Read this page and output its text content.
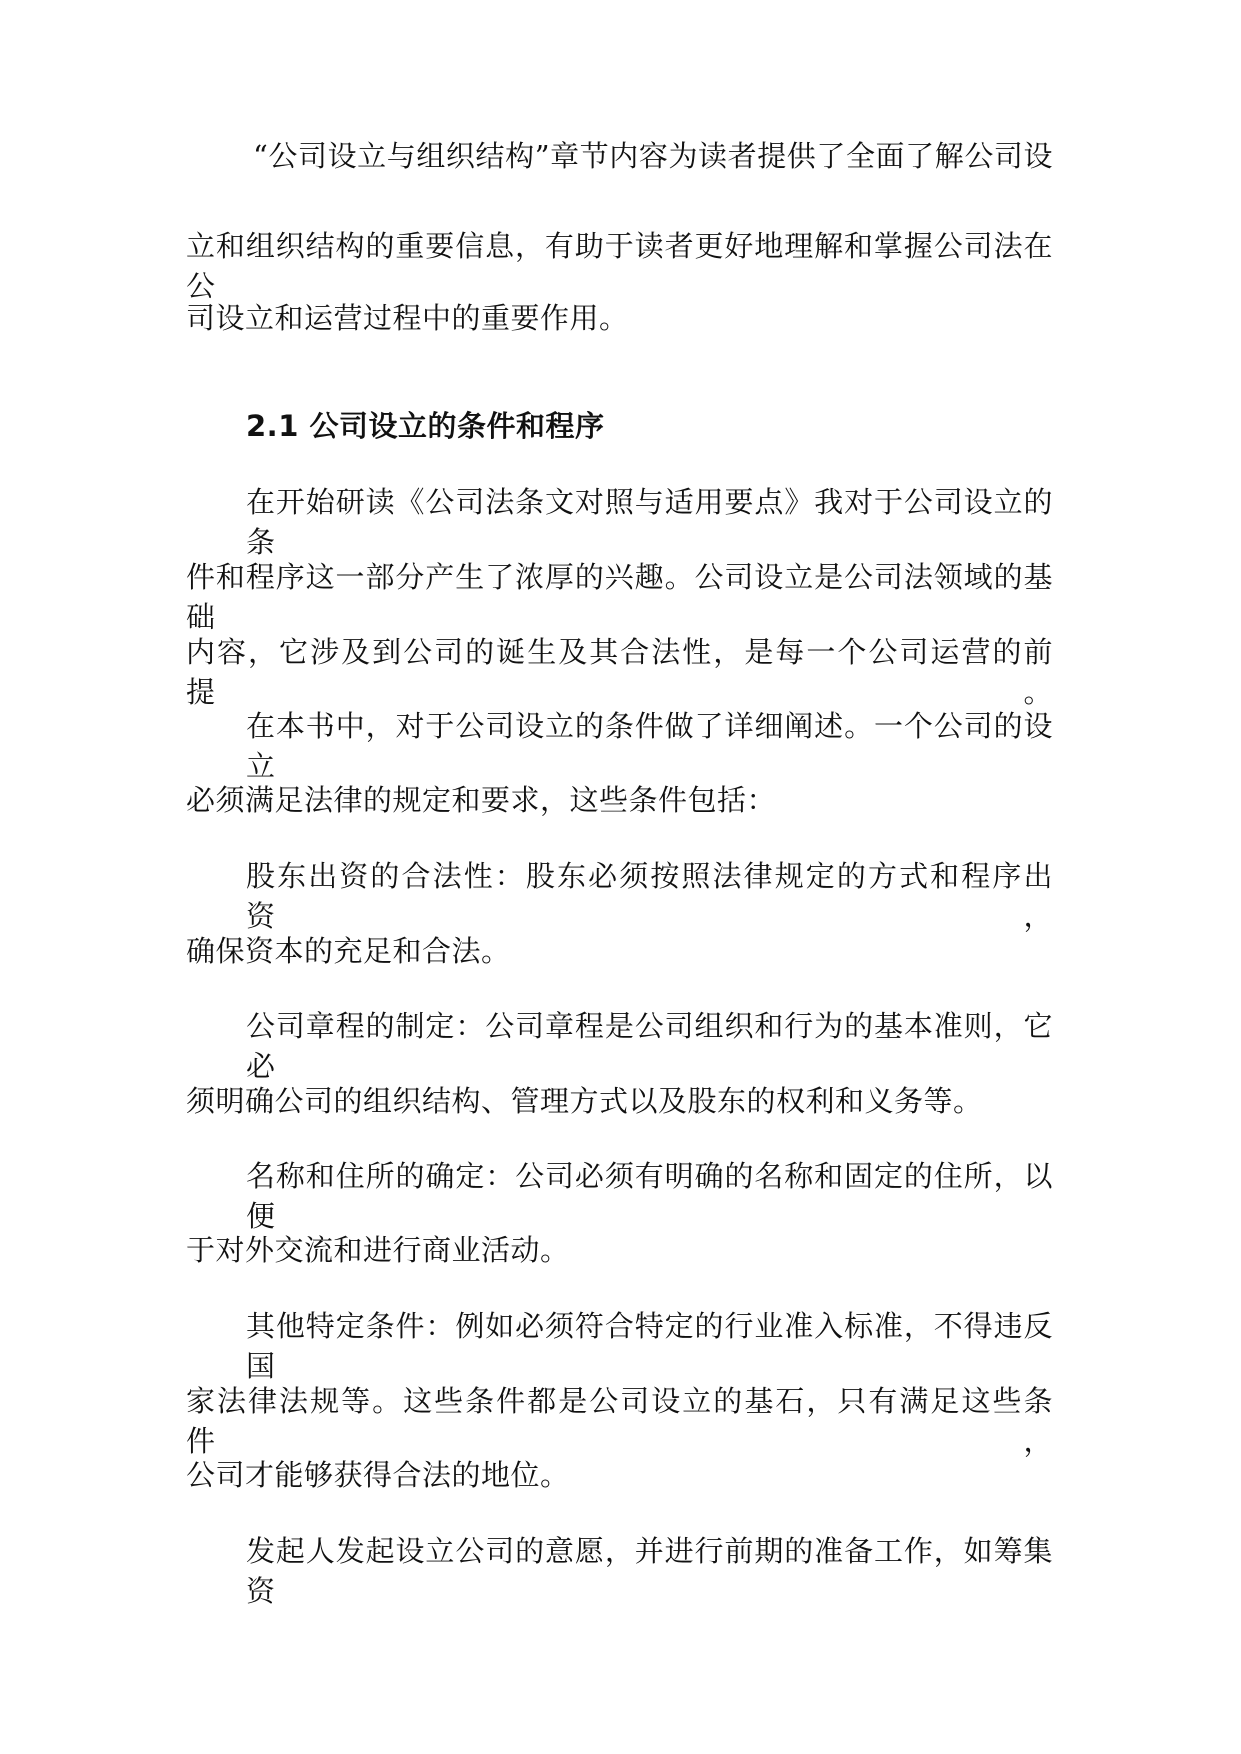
“公司设立与组织结构”章节内容为读者提供了全面了解公司设
立和组织结构的重要信息，有助于读者更好地理解和掌握公司法在公
司设立和运营过程中的重要作用。
2.1 公司设立的条件和程序
在开始研读《公司法条文对照与适用要点》我对于公司设立的条
件和程序这一部分产生了浓厚的兴趣。公司设立是公司法领域的基础
内容，它涉及到公司的诞生及其合法性，是每一个公司运营的前提。
在本书中，对于公司设立的条件做了详细阐述。一个公司的设立
必须满足法律的规定和要求，这些条件包括：
股东出资的合法性：股东必须按照法律规定的方式和程序出资，
确保资本的充足和合法。
公司章程的制定：公司章程是公司组织和行为的基本准则，它必
须明确公司的组织结构、管理方式以及股东的权利和义务等。
名称和住所的确定：公司必须有明确的名称和固定的住所，以便
于对外交流和进行商业活动。
其他特定条件：例如必须符合特定的行业准入标准，不得违反国
家法律法规等。这些条件都是公司设立的基石，只有满足这些条件，
公司才能够获得合法的地位。
发起人发起设立公司的意愿，并进行前期的准备工作，如筹集资
